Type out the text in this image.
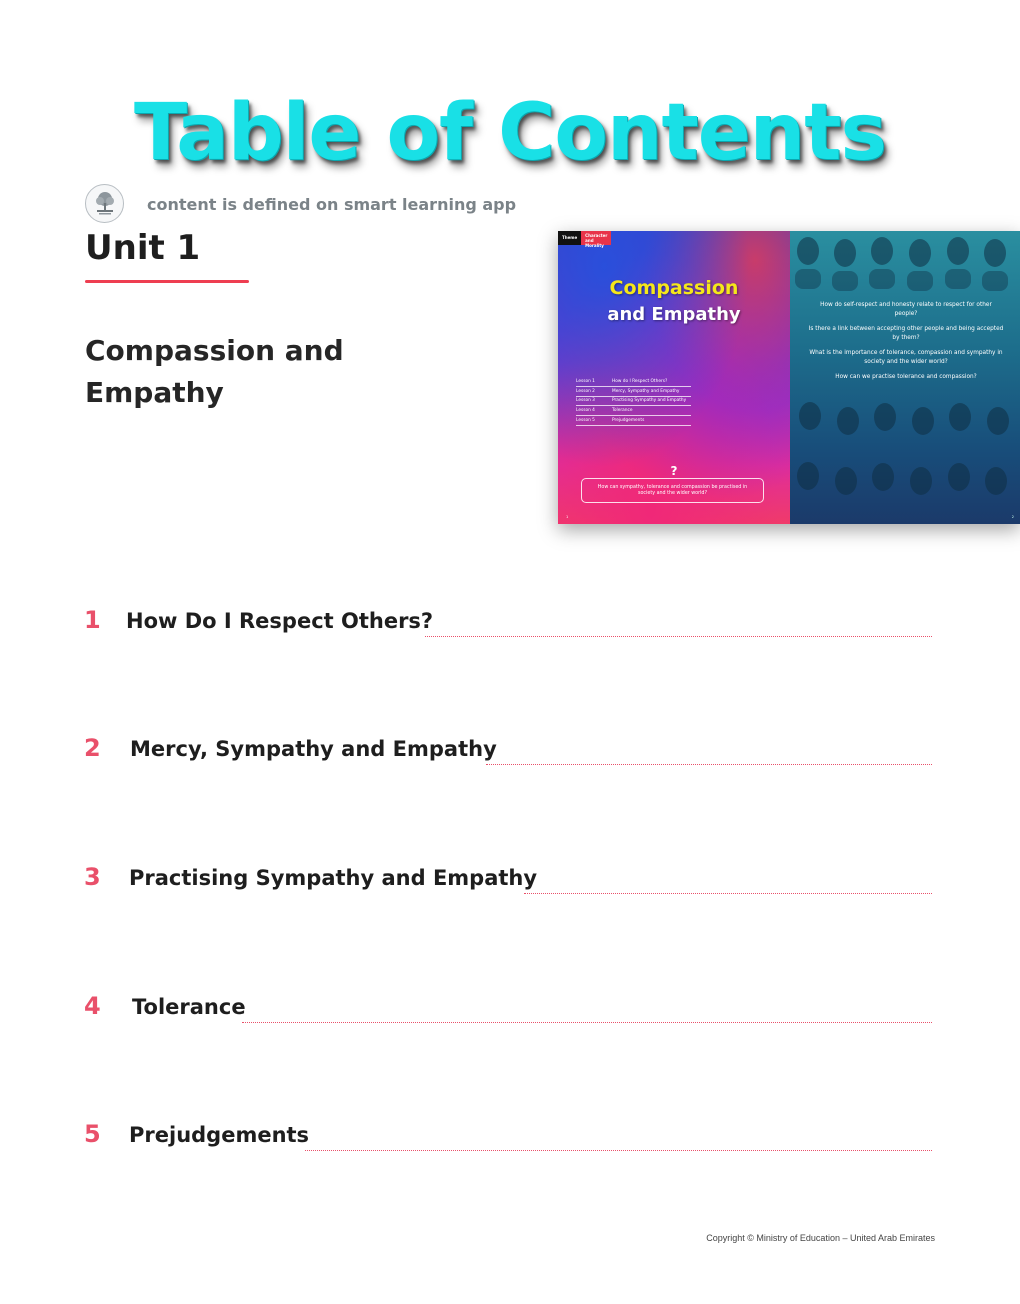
Table of Contents
content is defined on smart learning app
Unit 1
Compassion and Empathy
Theme	Character and Morality
Compassion
and Empathy
Lesson 1	How do I Respect Others?
Lesson 2	Mercy, Sympathy and Empathy
Lesson 3	Practising Sympathy and Empathy
Lesson 4	Tolerance
Lesson 5	Prejudgements
?
How can sympathy, tolerance and compassion be practised in society and the wider world?
1

How do self-respect and honesty relate to respect for other people?

Is there a link between accepting other people and being accepted by them?

What is the importance of tolerance, compassion and sympathy in society and the wider world?

How can we practise tolerance and compassion?

2
1 How Do I Respect Others?
2 Mercy, Sympathy and Empathy
3 Practising Sympathy and Empathy
4 Tolerance
5 Prejudgements
Copyright © Ministry of Education – United Arab Emirates
